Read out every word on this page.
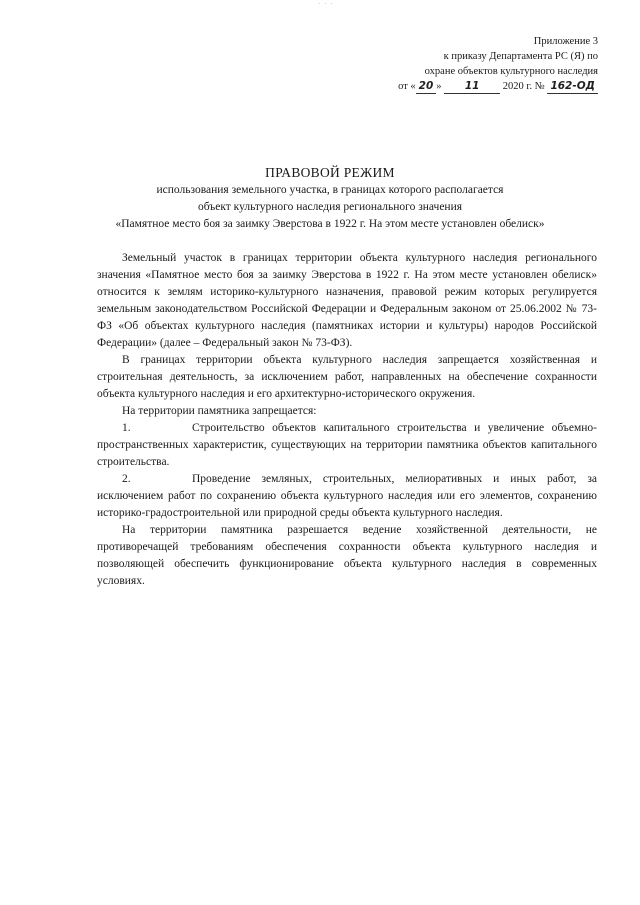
˙ ˙ ˙
Приложение 3
к приказу Департамента РС (Я) по
охране объектов культурного наследия
от « 20 » 11 2020 г. № 162-ОД
ПРАВОВОЙ РЕЖИМ
использования земельного участка, в границах которого располагается
объект культурного наследия регионального значения
«Памятное место боя за заимку Эверстова в 1922 г. На этом месте установлен обелиск»

Земельный участок в границах территории объекта культурного наследия регионального значения «Памятное место боя за заимку Эверстова в 1922 г. На этом месте установлен обелиск» относится к землям историко-культурного назначения, правовой режим которых регулируется земельным законодательством Российской Федерации и Федеральным законом от 25.06.2002 № 73-ФЗ «Об объектах культурного наследия (памятниках истории и культуры) народов Российской Федерации» (далее – Федеральный закон № 73-ФЗ).

В границах территории объекта культурного наследия запрещается хозяйственная и строительная деятельность, за исключением работ, направленных на обеспечение сохранности объекта культурного наследия и его архитектурно-исторического окружения.

На территории памятника запрещается:

1.	Строительство объектов капитального строительства и увеличение объемно-пространственных характеристик, существующих на территории памятника объектов капитального строительства.

2.	Проведение земляных, строительных, мелиоративных и иных работ, за исключением работ по сохранению объекта культурного наследия или его элементов, сохранению историко-градостроительной или природной среды объекта культурного наследия.

На территории памятника разрешается ведение хозяйственной деятельности, не противоречащей требованиям обеспечения сохранности объекта культурного наследия и позволяющей обеспечить функционирование объекта культурного наследия в современных условиях.
